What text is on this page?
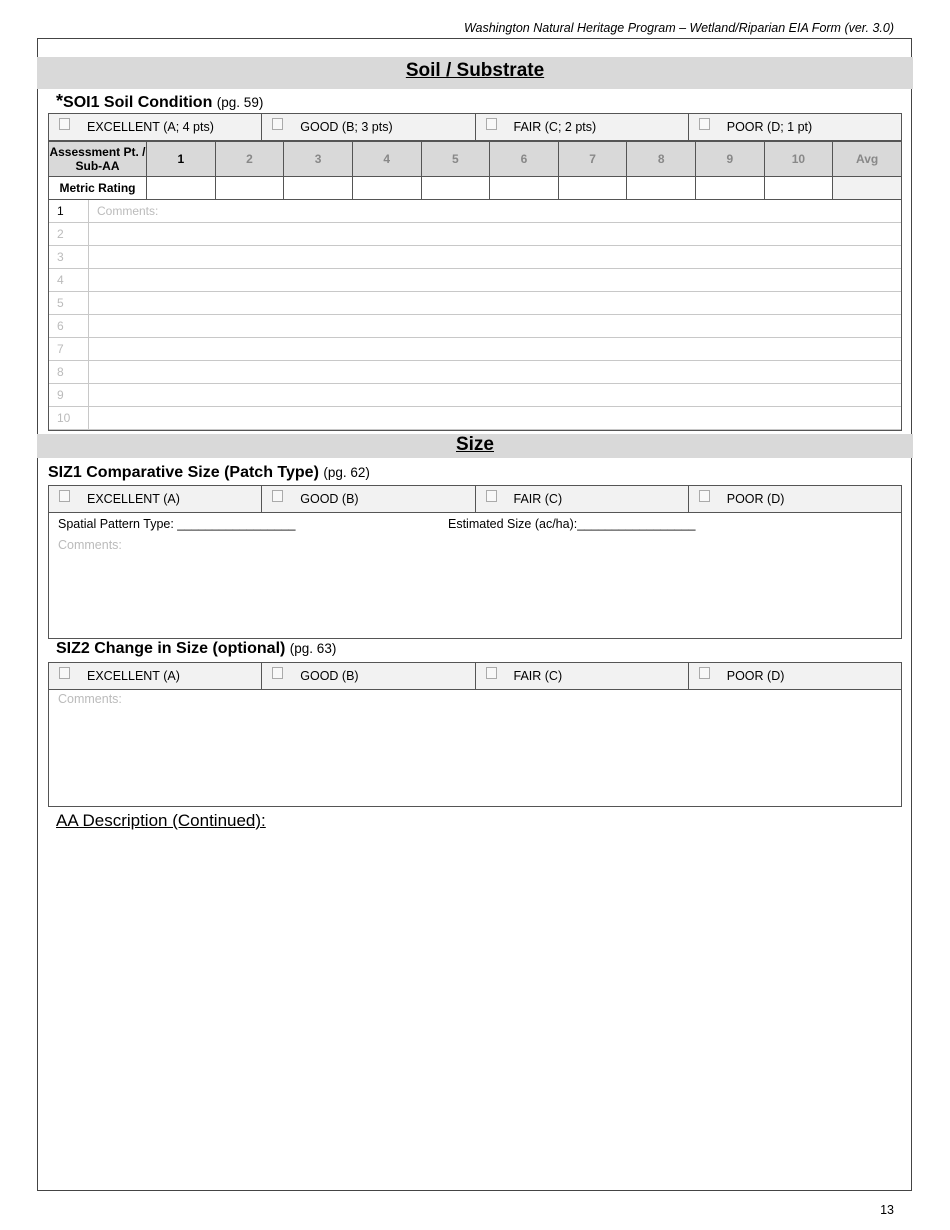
Washington Natural Heritage Program – Wetland/Riparian EIA Form (ver. 3.0)
Soil / Substrate
*SOI1 Soil Condition (pg. 59)
EXCELLENT (A; 4 pts)	GOOD (B; 3 pts)	FAIR (C; 2 pts)	POOR (D; 1 pt)
Assessment Pt. / Sub-AA	1	2	3	4	5	6	7	8	9	10	Avg
Metric Rating											
1	Comments:
2	
3	
4	
5	
6	
7	
8	
9	
10	
Size
SIZ1 Comparative Size (Patch Type) (pg. 62)
EXCELLENT (A)	GOOD (B)	FAIR (C)	POOR (D)
Spatial Pattern Type: _________________	Estimated Size (ac/ha):_________________
Comments:
SIZ2 Change in Size (optional) (pg. 63)
EXCELLENT (A)	GOOD (B)	FAIR (C)	POOR (D)
Comments:
AA Description (Continued):
13
